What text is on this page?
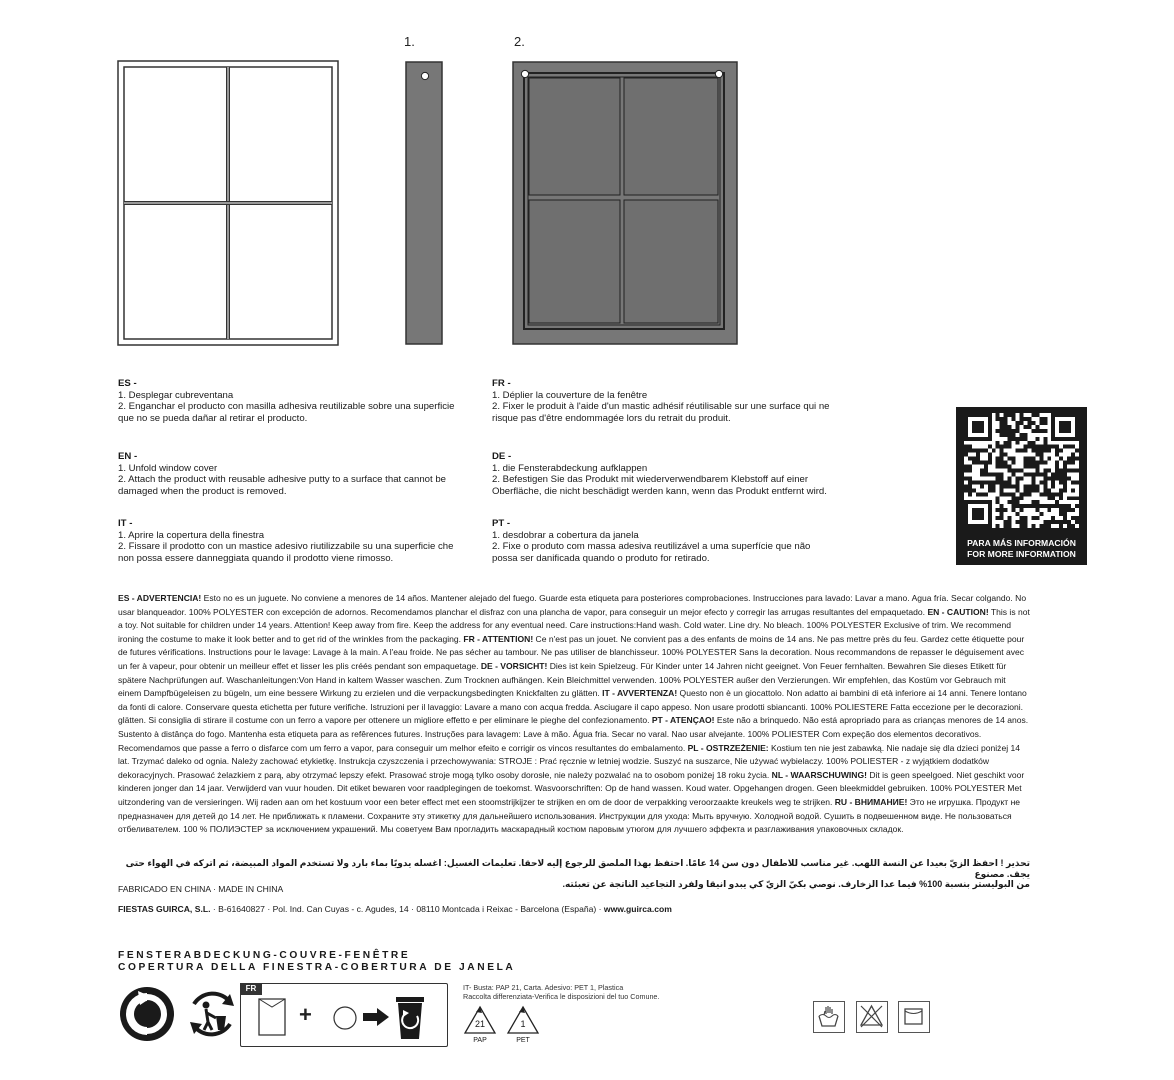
1.	2.
ES -
1. Desplegar cubreventana
2. Enganchar el producto con masilla adhesiva reutilizable sobre una superficie
que no se pueda dañar al retirar el producto.
EN -
1. Unfold window cover
2. Attach the product with reusable adhesive putty to a surface that cannot be
damaged when the product is removed.
IT -
1. Aprire la copertura della finestra
2. Fissare il prodotto con un mastice adesivo riutilizzabile su una superficie che
non possa essere danneggiata quando il prodotto viene rimosso.
FR -
1. Déplier la couverture de la fenêtre
2. Fixer le produit à l'aide d'un mastic adhésif réutilisable sur une surface qui ne
risque pas d'être endommagée lors du retrait du produit.
DE -
1. die Fensterabdeckung aufklappen
2. Befestigen Sie das Produkt mit wiederverwendbarem Klebstoff auf einer
Oberfläche, die nicht beschädigt werden kann, wenn das Produkt entfernt wird.
PT -
1. desdobrar a cobertura da janela
2. Fixe o produto com massa adesiva reutilizável a uma superfície que não
possa ser danificada quando o produto for retirado.
PARA MÁS INFORMACIÓN
FOR MORE INFORMATION
ES - ADVERTENCIA! Esto no es un juguete. No conviene a menores de 14 años. Mantener alejado del fuego. Guarde esta etiqueta para posteriores comprobaciones. Instrucciones para lavado: Lavar a mano. Agua fría. Secar colgando. No usar blanqueador. 100% POLYESTER con excepción de adornos. Recomendamos planchar el disfraz con una plancha de vapor, para conseguir un mejor efecto y corregir las arrugas resultantes del empaquetado. EN - CAUTION! This is not a toy. Not suitable for children under 14 years. Attention! Keep away from fire. Keep the address for any eventual need. Care instructions:Hand wash. Cold water. Line dry. No bleach. 100% POLYESTER Exclusive of trim. We recommend ironing the costume to make it look better and to get rid of the wrinkles from the packaging. FR - ATTENTION! Ce n'est pas un jouet. Ne convient pas a des enfants de moins de 14 ans. Ne pas mettre près du feu. Gardez cette étiquette pour de futures vérifications. Instructions pour le lavage: Lavage à la main. A l'eau froide. Ne pas sécher au tambour. Ne pas utiliser de blanchisseur. 100% POLYESTER Sans la decoration. Nous recommandons de repasser le déguisement avec un fer à vapeur, pour obtenir un meilleur effet et lisser les plis créés pendant son empaquetage. DE - VORSICHT! Dies ist kein Spielzeug. Für Kinder unter 14 Jahren nicht geeignet. Von Feuer fernhalten. Bewahren Sie dieses Etikett für spätere Nachprüfungen auf. Waschanleitungen:Von Hand in kaltem Wasser waschen. Zum Trocknen aufhängen. Kein Bleichmittel verwenden. 100% POLYESTER außer den Verzierungen. Wir empfehlen, das Kostüm vor Gebrauch mit einem Dampfbügeleisen zu bügeln, um eine bessere Wirkung zu erzielen und die verpackungsbedingten Knickfalten zu glätten. IT - AVVERTENZA! Questo non è un giocattolo. Non adatto ai bambini di età inferiore ai 14 anni. Tenere lontano da fonti di calore. Conservare questa etichetta per future verifiche. Istruzioni per il lavaggio: Lavare a mano con acqua fredda. Asciugare il capo appeso. Non usare prodotti sbiancanti. 100% POLIESTERE Fatta eccezione per le decorazioni. glätten. Si consiglia di stirare il costume con un ferro a vapore per ottenere un migliore effetto e per eliminare le pieghe del confezionamento. PT - ATENÇAO! Este não a brinquedo. Não está apropriado para as crianças menores de 14 anos. Sustento à distânça do fogo. Mantenha esta etiqueta para as refêrences futures. Instruções para lavagem: Lave à mão. Água fria. Secar no varal. Nao usar alvejante. 100% POLIESTER Com expeção dos elementos decorativos. Recomendamos que passe a ferro o disfarce com um ferro a vapor, para conseguir um melhor efeito e corrigir os vincos resultantes do embalamento. PL - OSTRZEŻENIE: Kostium ten nie jest zabawką. Nie nadaje się dla dzieci poniżej 14 lat. Trzymać daleko od ognia. Należy zachować etykietkę. Instrukcja czyszczenia i przechowywania: STROJE : Prać ręcznie w letniej wodzie. Suszyć na suszarce, Nie używać wybielaczy. 100% POLIESTER - z wyjątkiem dodatków dekoracyjnych. Prasować żelazkiem z parą, aby otrzymać lepszy efekt. Prasować stroje mogą tylko osoby dorosłe, nie należy pozwalać na to osobom poniżej 18 roku życia. NL - WAARSCHUWING! Dit is geen speelgoed. Niet geschikt voor kinderen jonger dan 14 jaar. Verwijderd van vuur houden. Dit etiket bewaren voor raadplegingen de toekomst. Wasvoorschriften: Op de hand wassen. Koud water. Opgehangen drogen. Geen bleekmiddel gebruiken. 100% POLYESTER Met uitzondering van de versieringen. Wij raden aan om het kostuum voor een beter effect met een stoomstrijkijzer te strijken en om de door de verpakking veroorzaakte kreukels weg te strijken. RU - ВНИМАНИЕ! Это не игрушка. Продукт не предназначен для детей до 14 лет. Не приближать к пламени. Сохраните эту этикетку для дальнейшего использования. Инструкции для ухода: Мыть вручную. Холодной водой. Сушить в подвешенном виде. Не пользоваться отбеливателем. 100 % ПОЛИЭСТЕР за исключением украшений. Мы советуем Вам прогладить маскарадный костюм паровым утюгом для лучшего эффекта и разглаживания упаковочных складок.
تحذير ! احفظ الزيّ بعيدا عن النسة اللهب. غير مناسب للاطفال دون سن 14 عامًا. احتفظ بهذا الملصق للرجوع إليه لاحقا. تعليمات الغسيل: اغسله يدويًا بماء بارد ولا تستخدم المواد المبيضة، ثم اتركه في الهواء حتى يجف. مصنوع
من البوليستر بنسبة 100% فيما عدا الزخارف. نوصي بكيّ الزيّ كي يبدو انيقا ولفرد التجاعيد الناتجة عن تعبئته.
FABRICADO EN CHINA · MADE IN CHINA
FIESTAS GUIRCA, S.L. · B-61640827 · Pol. Ind. Can Cuyas - c. Agudes, 14 · 08110 Montcada i Reixac - Barcelona (España) · www.guirca.com
FENSTERABDECKUNG-COUVRE-FENÊTRE
COPERTURA DELLA FINESTRA-COBERTURA DE JANELA
FR
+
IT- Busta: PAP 21, Carta. Adesivo: PET 1, Plastica
Raccolta differenziata-Verifica le disposizioni del tuo Comune.
21
PAP
1
PET
